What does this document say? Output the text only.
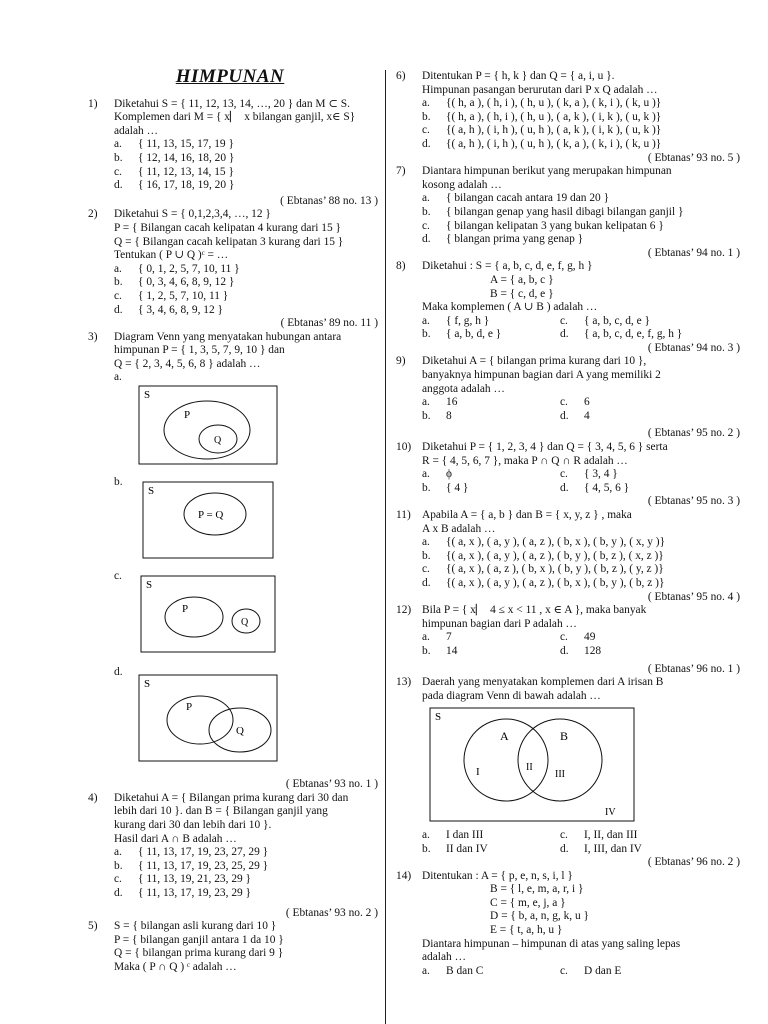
HIMPUNAN
1) Diketahui S = { 11, 12, 13, 14, …, 20 } dan M ⊂ S.
Komplemen dari M = { x⎸ x bilangan ganjil, x∈ S}
adalah …
a. { 11, 13, 15, 17, 19 }
b. { 12, 14, 16, 18, 20 }
c. { 11, 12, 13, 14, 15 }
d. { 16, 17, 18, 19, 20 }
( Ebtanas’ 88 no. 13 )
2) Diketahui S = { 0,1,2,3,4, …, 12 }
P = { Bilangan cacah kelipatan 4 kurang dari 15 }
Q = { Bilangan cacah kelipatan 3 kurang dari 15 }
Tentukan ( P ∪ Q )ᶜ = …
a. { 0, 1, 2, 5, 7, 10, 11 }
b. { 0, 3, 4, 6, 8, 9, 12 }
c. { 1, 2, 5, 7, 10, 11 }
d. { 3, 4, 6, 8, 9, 12 }
( Ebtanas’ 89 no. 11 )
3) Diagram Venn yang menyatakan hubungan antara
himpunan P = { 1, 3, 5, 7, 9, 10 } dan
Q = { 2, 3, 4, 5, 6, 8 } adalah …
a.
S
P
Q
b.
S
P = Q
c.
S
P
Q
d.
S
P
Q
( Ebtanas’ 93 no. 1 )
4) Diketahui A = { Bilangan prima kurang dari 30 dan
lebih dari 10 }. dan B = { Bilangan ganjil yang
kurang dari 30 dan lebih dari 10 }.
Hasil dari A ∩ B adalah …
a. { 11, 13, 17, 19, 23, 27, 29 }
b. { 11, 13, 17, 19, 23, 25, 29 }
c. { 11, 13, 19, 21, 23, 29 }
d. { 11, 13, 17, 19, 23, 29 }
( Ebtanas’ 93 no. 2 )
5) S = { bilangan asli kurang dari 10 }
P = { bilangan ganjil antara 1 da 10 }
Q = { bilangan prima kurang dari 9 }
Maka ( P ∩ Q ) ᶜ adalah …
6) Ditentukan P = { h, k } dan Q = { a, i, u }.
Himpunan pasangan berurutan dari P x Q adalah …
a. {( h, a ), ( h, i ), ( h, u ), ( k, a ), ( k, i ), ( k, u )}
b. {( h, a ), ( h, i ), ( h, u ), ( a, k ), ( i, k ), ( u, k )}
c. {( a, h ), ( i, h ), ( u, h ), ( a, k ), ( i, k ), ( u, k )}
d. {( a, h ), ( i, h ), ( u, h ), ( k, a ), ( k, i ), ( k, u )}
( Ebtanas’ 93 no. 5 )
7) Diantara himpunan berikut yang merupakan himpunan
kosong adalah …
a. { bilangan cacah antara 19 dan 20 }
b. { bilangan genap yang hasil dibagi bilangan ganjil }
c. { bilangan kelipatan 3 yang bukan kelipatan 6 }
d. { blangan prima yang genap }
( Ebtanas’ 94 no. 1 )
8) Diketahui : S = { a, b, c, d, e, f, g, h }
A = { a, b, c }
B = { c, d, e }
Maka komplemen ( A ∪ B ) adalah …
a. { f, g, h }	c. { a, b, c, d, e }
b. { a, b, d, e }	d. { a, b, c, d, e, f, g, h }
( Ebtanas’ 94 no. 3 )
9) Diketahui A = { bilangan prima kurang dari 10 },
banyaknya himpunan bagian dari A yang memiliki 2
anggota adalah …
a. 16	c. 6
b. 8	d. 4
( Ebtanas’ 95 no. 2 )
10) Diketahui P = { 1, 2, 3, 4 } dan Q = { 3, 4, 5, 6 } serta
R = { 4, 5, 6, 7 }, maka P ∩ Q ∩ R adalah …
a. ϕ	c. { 3, 4 }
b. { 4 }	d. { 4, 5, 6 }
( Ebtanas’ 95 no. 3 )
11) Apabila A = { a, b } dan B = { x, y, z } , maka
A x B adalah …
a. {( a, x ), ( a, y ), ( a, z ), ( b, x ), ( b, y ), ( x, y )}
b. {( a, x ), ( a, y ), ( a, z ), ( b, y ), ( b, z ), ( x, z )}
c. {( a, x ), ( a, z ), ( b, x ), ( b, y ), ( b, z ), ( y, z )}
d. {( a, x ), ( a, y ), ( a, z ), ( b, x ), ( b, y ), ( b, z )}
( Ebtanas’ 95 no. 4 )
12) Bila P = { x⎸ 4 ≤ x < 11 , x ∈ A }, maka banyak
himpunan bagian dari P adalah …
a. 7	c. 49
b. 14	d. 128
( Ebtanas’ 96 no. 1 )
13) Daerah yang menyatakan komplemen dari A irisan B
pada diagram Venn di bawah adalah …
S
A	B
I	II
III
IV
a. I dan III	c. I, II, dan III
b. II dan IV	d. I, III, dan IV
( Ebtanas’ 96 no. 2 )
14) Ditentukan : A = { p, e, n, s, i, l }
B = { l, e, m, a, r, i }
C = { m, e, j, a }
D = { b, a, n, g, k, u }
E = { t, a, h, u }
Diantara himpunan – himpunan di atas yang saling lepas
adalah …
a. B dan C	c. D dan E
